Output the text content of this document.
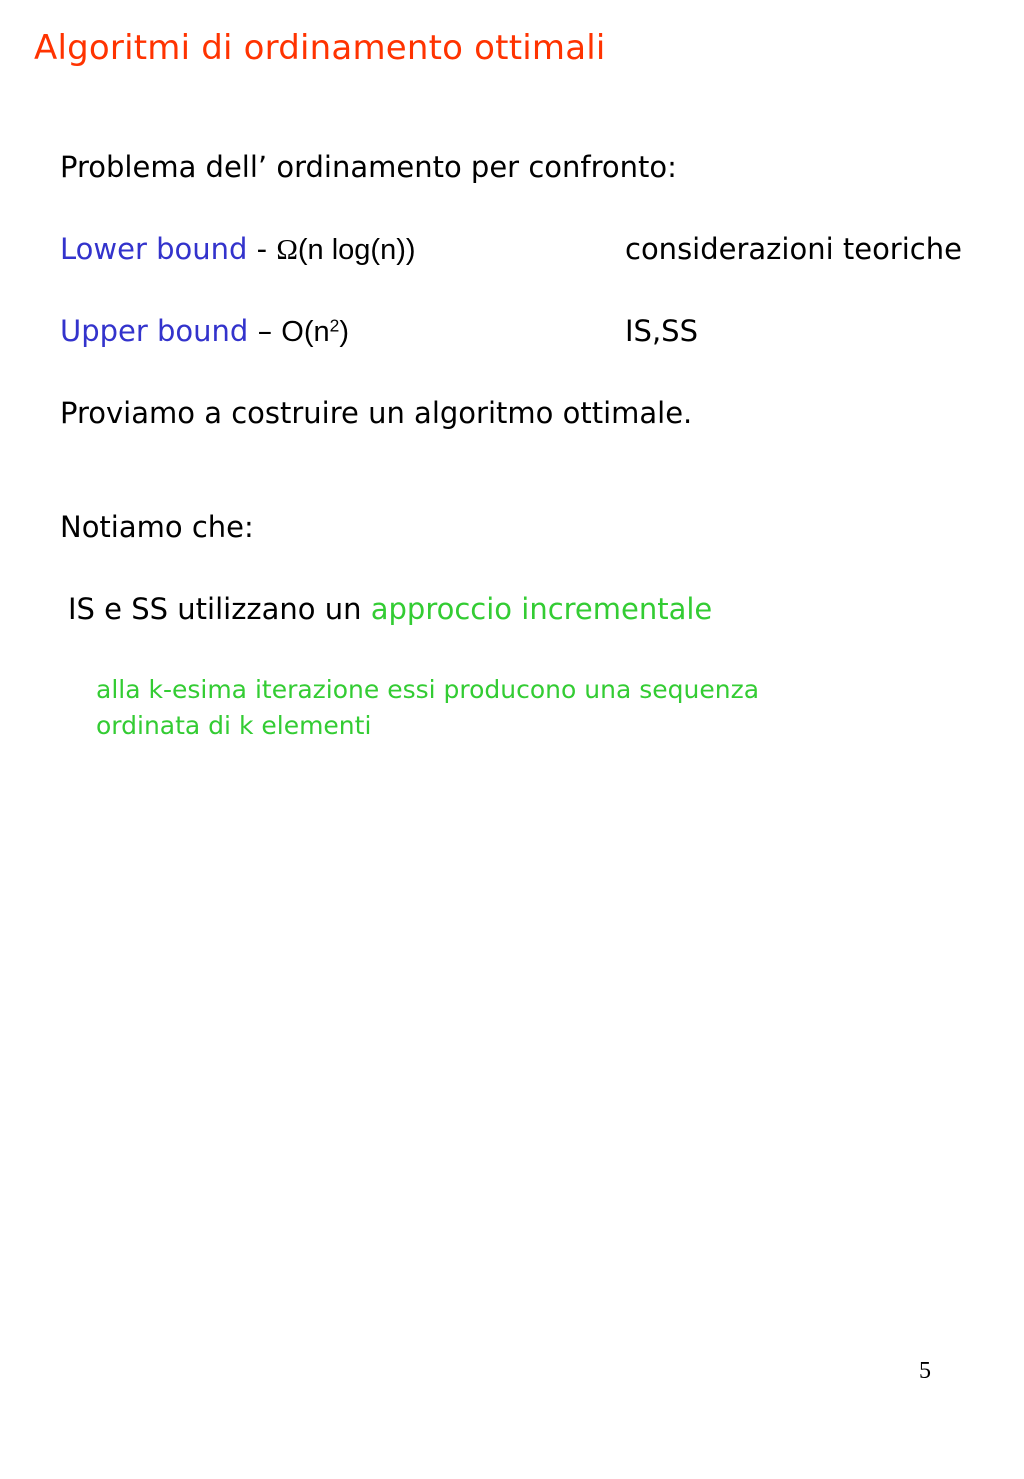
Algoritmi di ordinamento ottimali
Problema dell’ ordinamento per confronto:
Lower bound - Ω(n log(n))	considerazioni teoriche
Upper bound – $O(n^2)$	IS,SS
Proviamo a costruire un algoritmo ottimale.
Notiamo che:
IS e SS utilizzano un approccio incrementale
alla k-esima iterazione essi producono una sequenza
ordinata di k elementi
5
